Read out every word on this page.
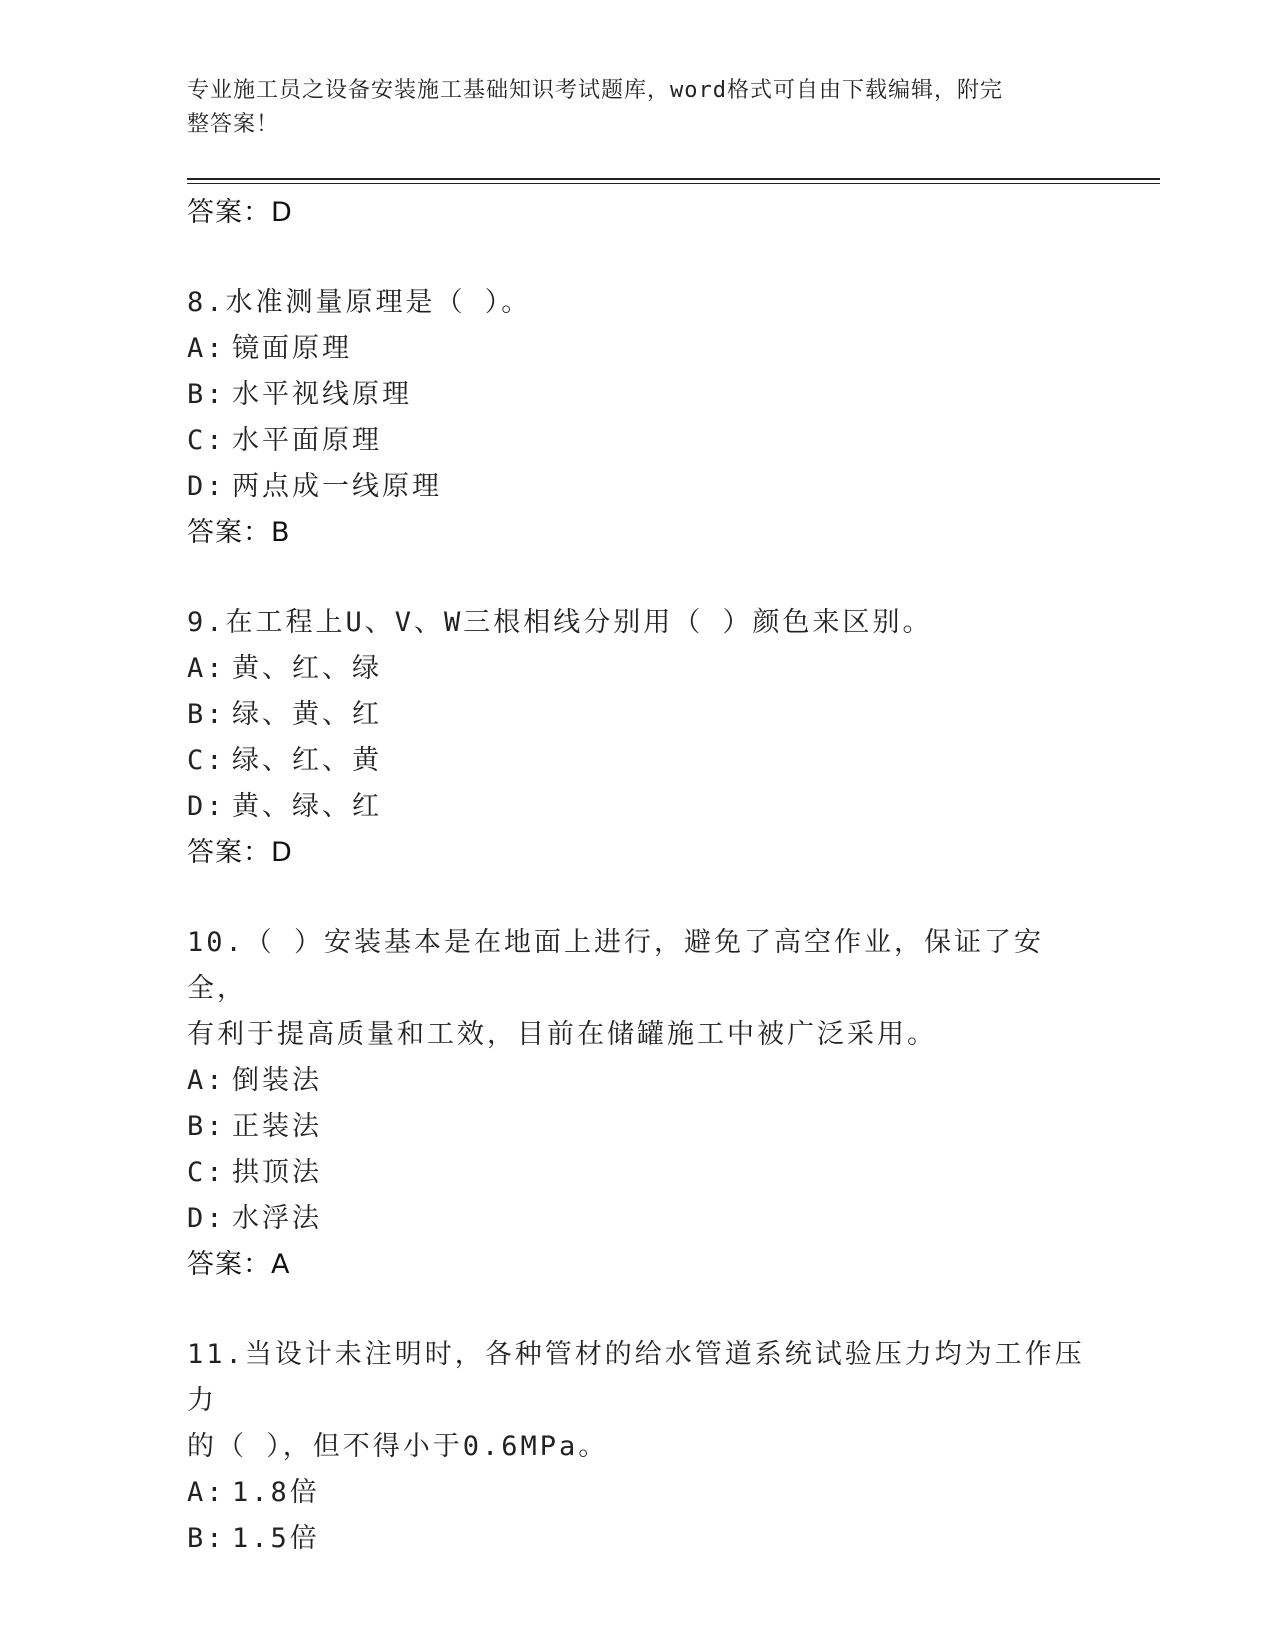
专业施工员之设备安装施工基础知识考试题库，word格式可自由下载编辑，附完
整答案！
答案：D
8.水准测量原理是（ ）。
A: 镜面原理
B: 水平视线原理
C: 水平面原理
D: 两点成一线原理
答案：B
9.在工程上U、V、W三根相线分别用（ ）颜色来区别。
A: 黄、红、绿
B: 绿、黄、红
C: 绿、红、黄
D: 黄、绿、红
答案：D
10.（ ）安装基本是在地面上进行，避免了高空作业，保证了安全，
有利于提高质量和工效，目前在储罐施工中被广泛采用。
A: 倒装法
B: 正装法
C: 拱顶法
D: 水浮法
答案：A
11.当设计未注明时，各种管材的给水管道系统试验压力均为工作压力
的（ ），但不得小于0.6MPa。
A: 1.8倍
B: 1.5倍
